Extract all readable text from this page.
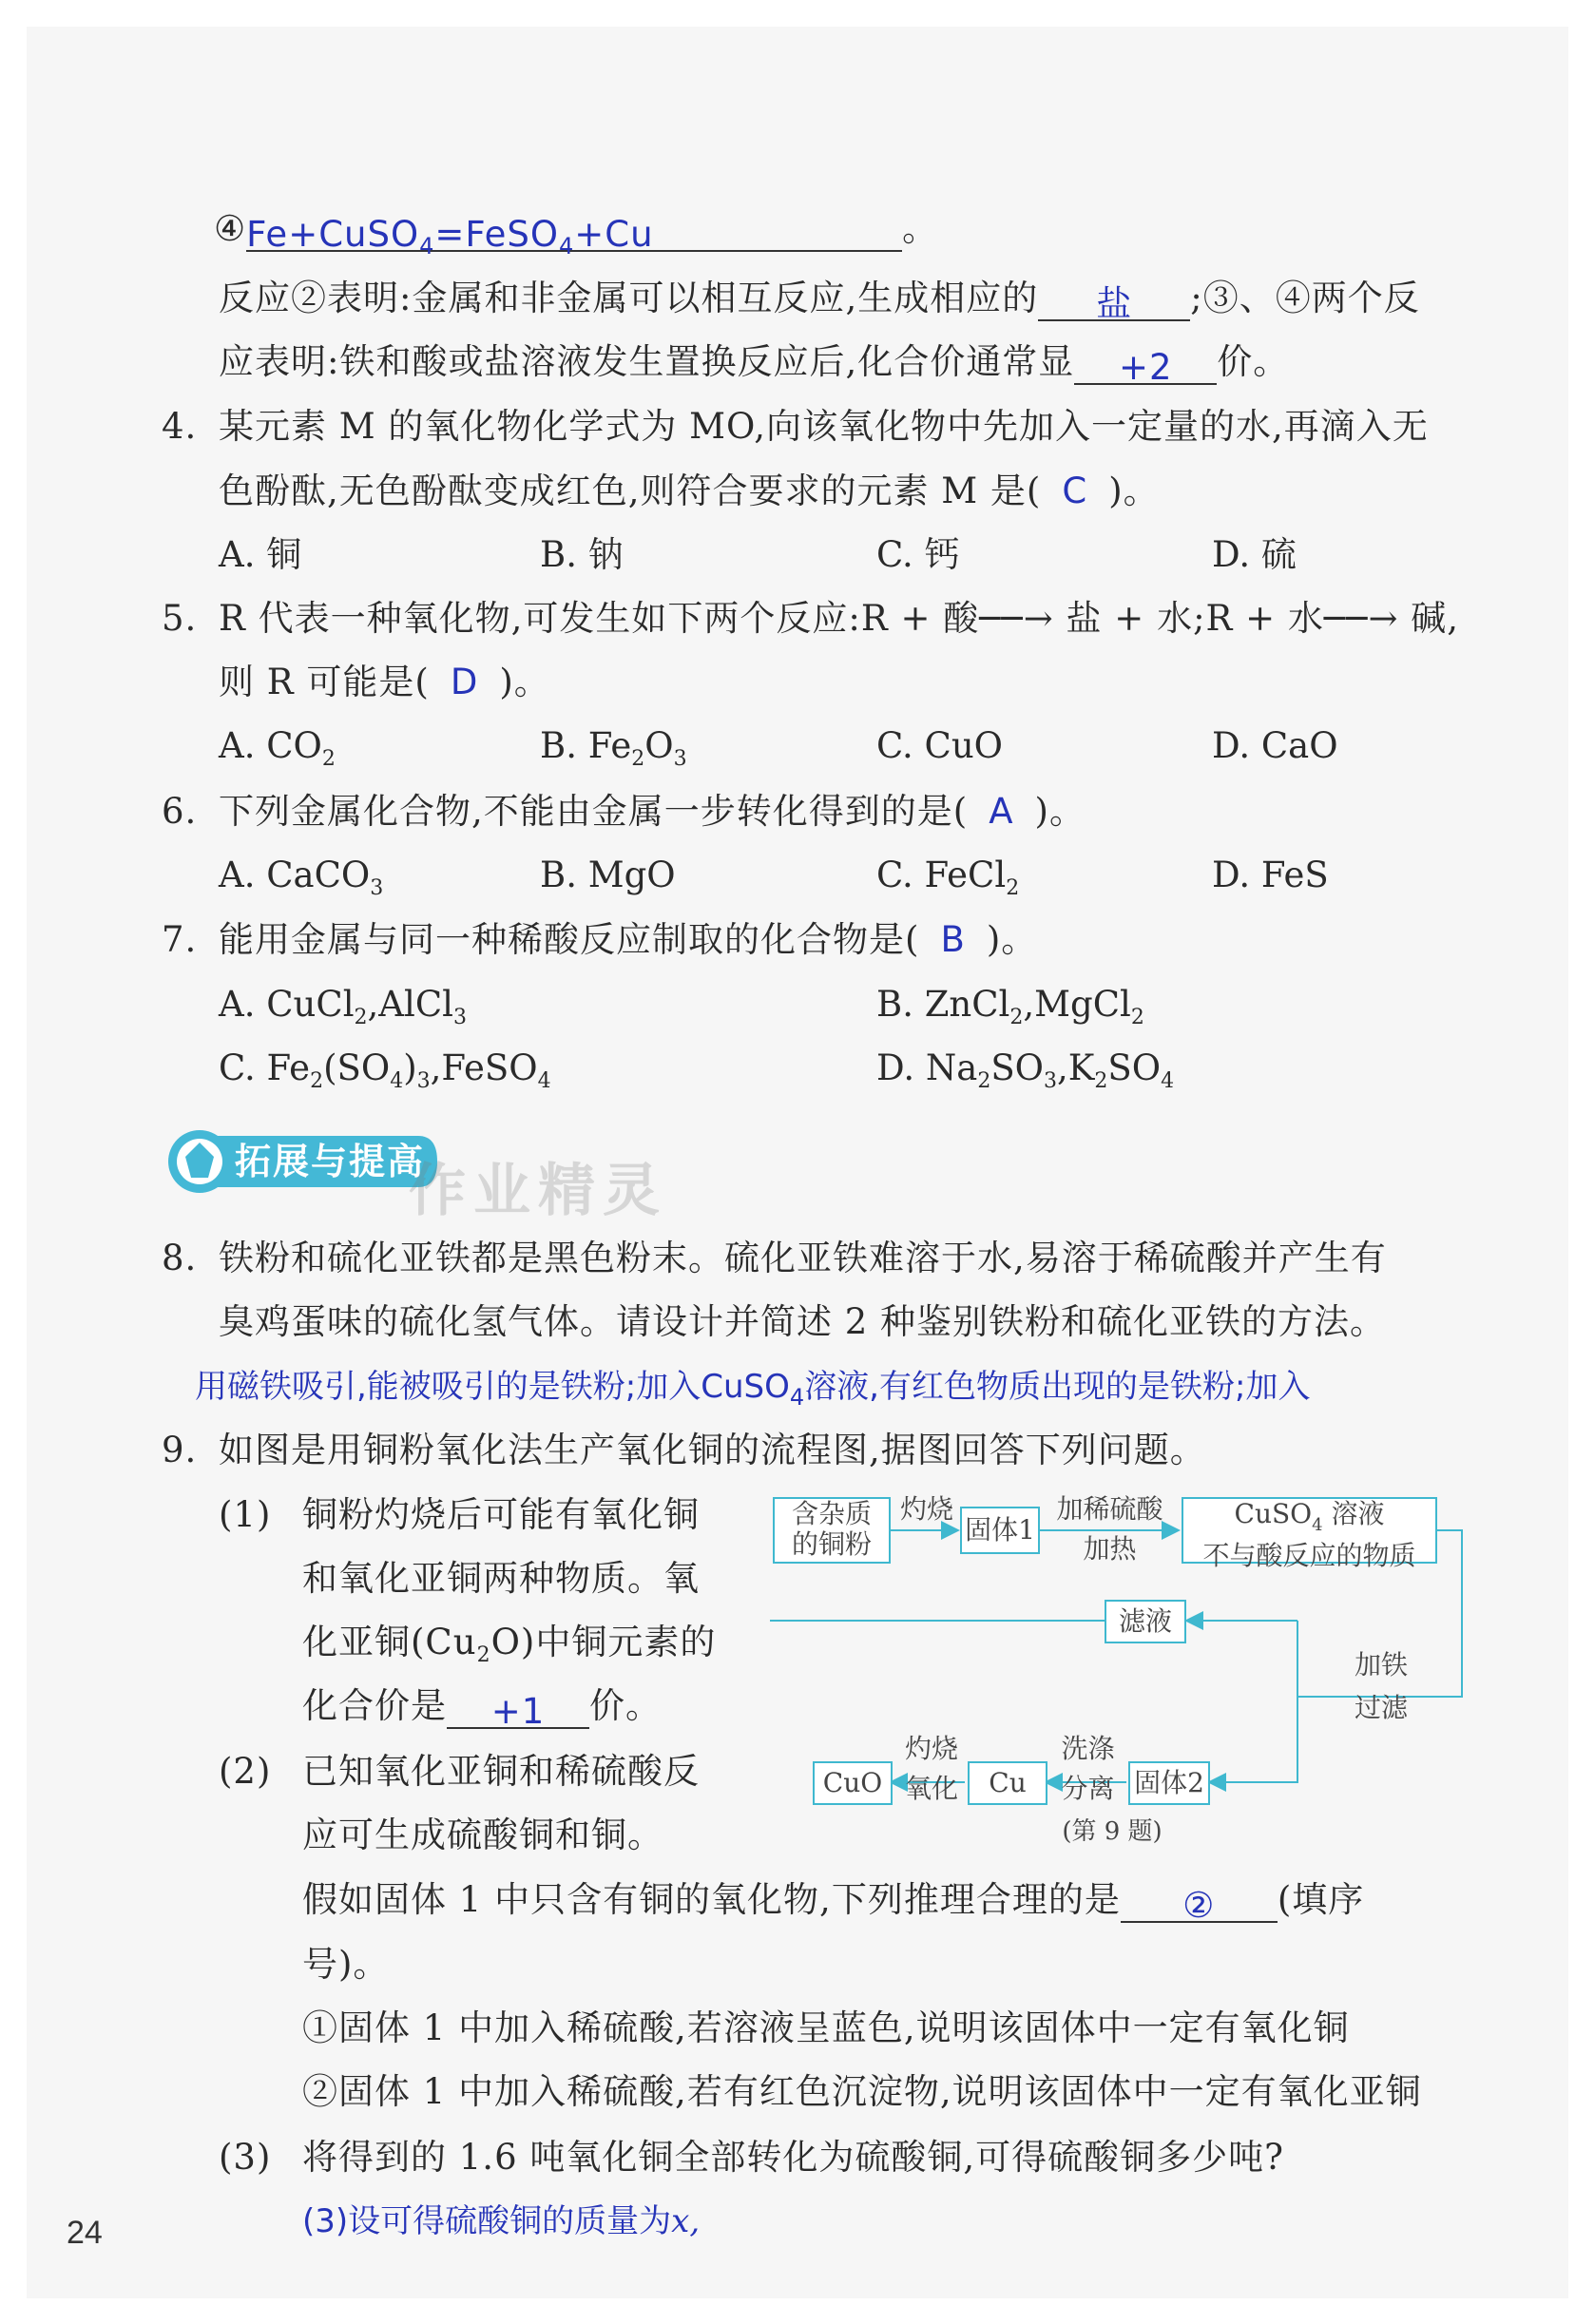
④Fe+CuSO$_4$=FeSO$_4$+Cu	。
反应②表明:金属和非金属可以相互反应,生成相应的 盐 ;③、④两个反
应表明:铁和酸或盐溶液发生置换反应后,化合价通常显 +2 价。
4. 某元素 M 的氧化物化学式为 MO,向该氧化物中先加入一定量的水,再滴入无
色酚酞,无色酚酞变成红色,则符合要求的元素 M 是( C )。
A. 铜	B. 钠	C. 钙	D. 硫
5. R 代表一种氧化物,可发生如下两个反应:R + 酸──→ 盐 + 水;R + 水──→ 碱,
则 R 可能是( D )。
A. $CO_2$	B. $Fe_2O_3$	C. CuO	D. CaO
6. 下列金属化合物,不能由金属一步转化得到的是( A )。
A. CaCO$_3$	B. MgO	C. FeCl$_2$	D. FeS
7. 能用金属与同一种稀酸反应制取的化合物是( B )。
A. CuCl$_2$,AlCl$_3$	B. ZnCl$_2$,MgCl$_2$
C. $Fe_2(SO_4)_3,FeSO_4$	D. $Na_2SO_3,K_2SO_4$
拓展与提高
作业精灵
8. 铁粉和硫化亚铁都是黑色粉末。硫化亚铁难溶于水,易溶于稀硫酸并产生有
臭鸡蛋味的硫化氢气体。请设计并简述 2 种鉴别铁粉和硫化亚铁的方法。
用磁铁吸引,能被吸引的是铁粉;加入CuSO$_4$溶液,有红色物质出现的是铁粉;加入
9. 如图是用铜粉氧化法生产氧化铜的流程图,据图回答下列问题。
(1) 铜粉灼烧后可能有氧化铜
和氧化亚铜两种物质。氧
化亚铜$(Cu_2O)$中铜元素的
化合价是 +1 价。
(2) 已知氧化亚铜和稀硫酸反
应可生成硫酸铜和铜。
假如固体 1 中只含有铜的氧化物,下列推理合理的是 ② (填序
号)。
①固体 1 中加入稀硫酸,若溶液呈蓝色,说明该固体中一定有氧化铜
②固体 1 中加入稀硫酸,若有红色沉淀物,说明该固体中一定有氧化亚铜
(3) 将得到的 1.6 吨氧化铜全部转化为硫酸铜,可得硫酸铜多少吨?
(3)设可得硫酸铜的质量为x,
含杂质
的铜粉
灼烧
固体1
加稀硫酸
加热
CuSO$_4$ 溶液
不与酸反应的物质
滤液
加铁
过滤
CuO
灼烧
氧化	Cu
洗涤
分离 固体2
(第 9 题)
24
